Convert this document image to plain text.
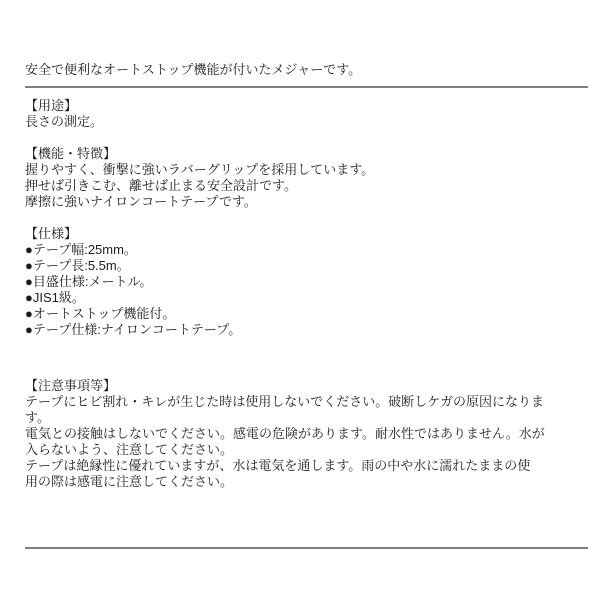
安全で便利なオートストップ機能が付いたメジャーです。

【用途】
長さの測定。
【機能・特徴】
握りやすく、衝撃に強いラバーグリップを採用しています。
押せば引きこむ、離せば止まる安全設計です。
摩擦に強いナイロンコートテープです。
【仕様】
●テープ幅:25mm。
●テープ長:5.5m。
●目盛仕様:メートル。
●JIS1級。
●オートストップ機能付。
●テープ仕様:ナイロンコートテープ。
【注意事項等】
テープにヒビ割れ・キレが生じた時は使用しないでください。破断しケガの原因になりま
す。
電気との接触はしないでください。感電の危険があります。耐水性ではありません。水が
入らないよう、注意してください。
テープは絶縁性に優れていますが、水は電気を通します。雨の中や水に濡れたままの使
用の際は感電に注意してください。
